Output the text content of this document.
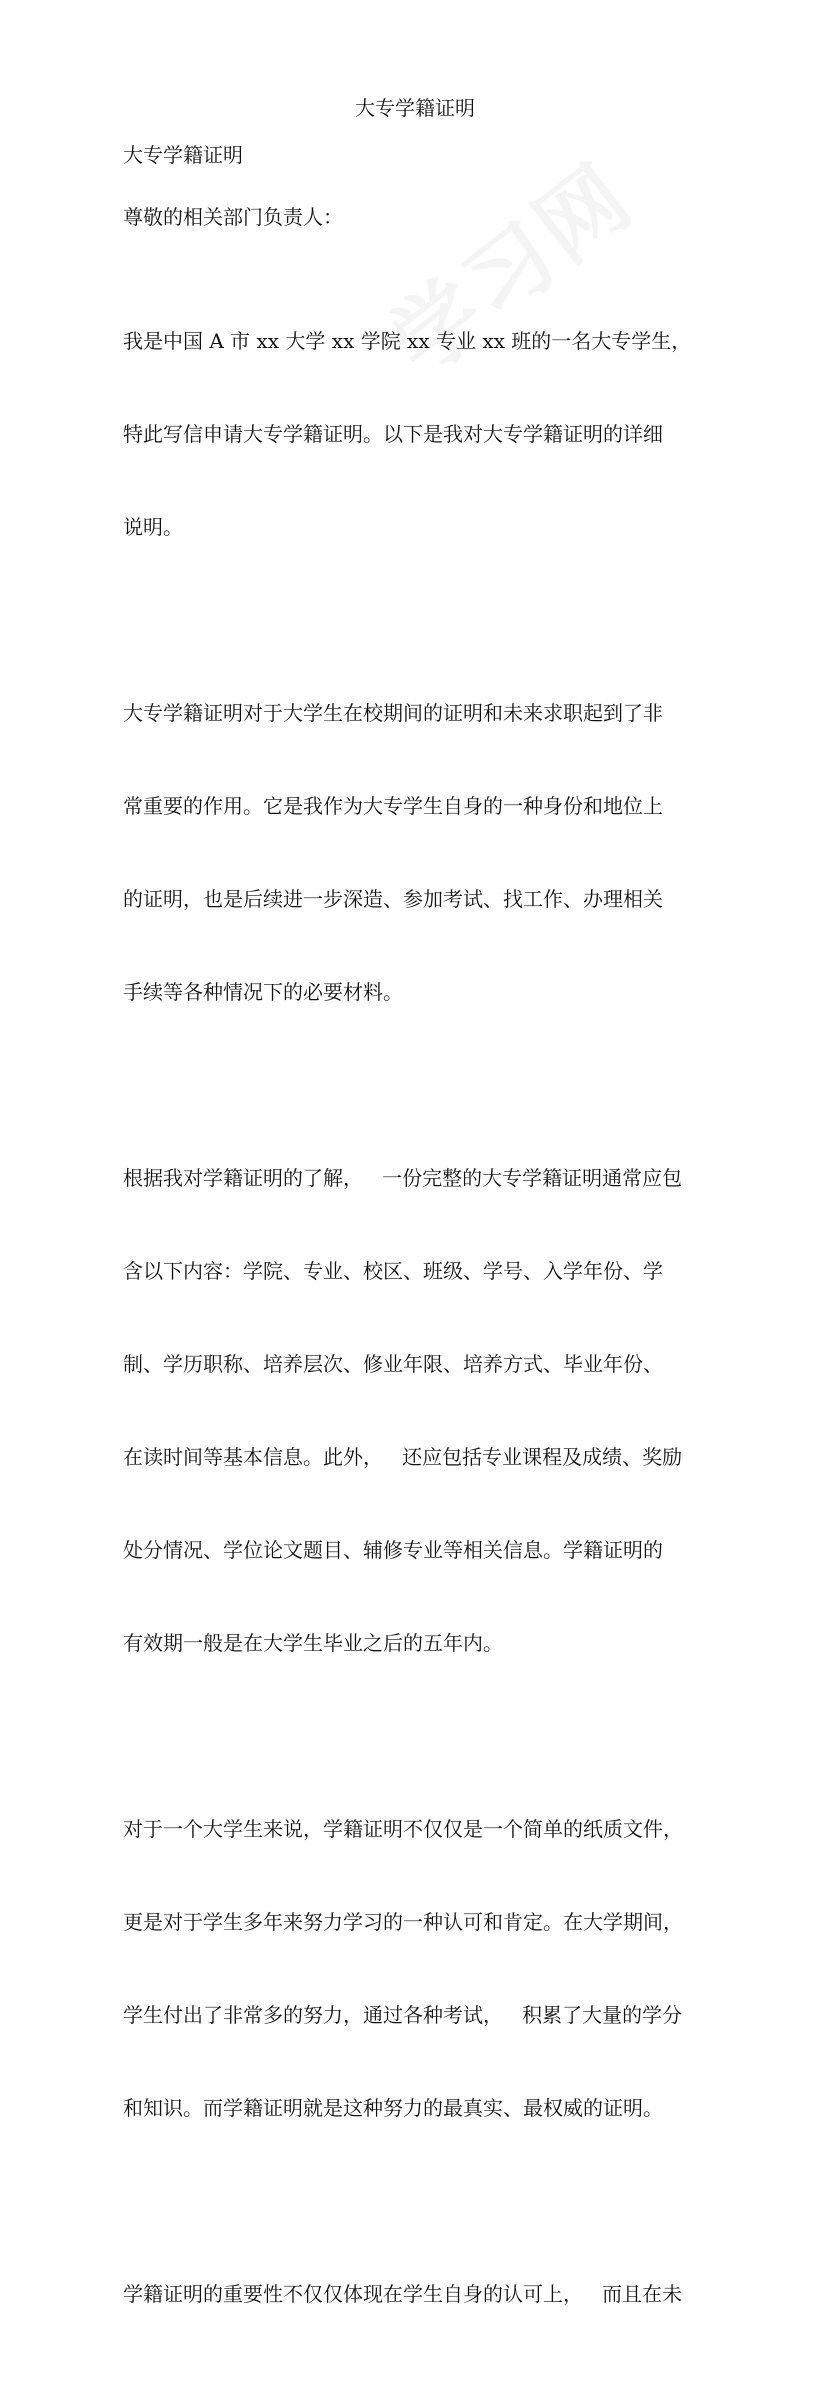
大专学籍证明

大专学籍证明

尊敬的相关部门负责人：

我是中国 A 市 xx 大学 xx 学院 xx 专业 xx 班的一名大专学生，

特此写信申请大专学籍证明。以下是我对大专学籍证明的详细

说明。

大专学籍证明对于大学生在校期间的证明和未来求职起到了非

常重要的作用。它是我作为大专学生自身的一种身份和地位上

的证明，也是后续进一步深造、参加考试、找工作、办理相关

手续等各种情况下的必要材料。

根据我对学籍证明的了解，   一份完整的大专学籍证明通常应包

含以下内容：学院、专业、校区、班级、学号、入学年份、学

制、学历职称、培养层次、修业年限、培养方式、毕业年份、

在读时间等基本信息。此外，   还应包括专业课程及成绩、奖励

处分情况、学位论文题目、辅修专业等相关信息。学籍证明的

有效期一般是在大学生毕业之后的五年内。

对于一个大学生来说，学籍证明不仅仅是一个简单的纸质文件，

更是对于学生多年来努力学习的一种认可和肯定。在大学期间，

学生付出了非常多的努力，通过各种考试，   积累了大量的学分

和知识。而学籍证明就是这种努力的最真实、最权威的证明。

学籍证明的重要性不仅仅体现在学生自身的认可上，   而且在未
